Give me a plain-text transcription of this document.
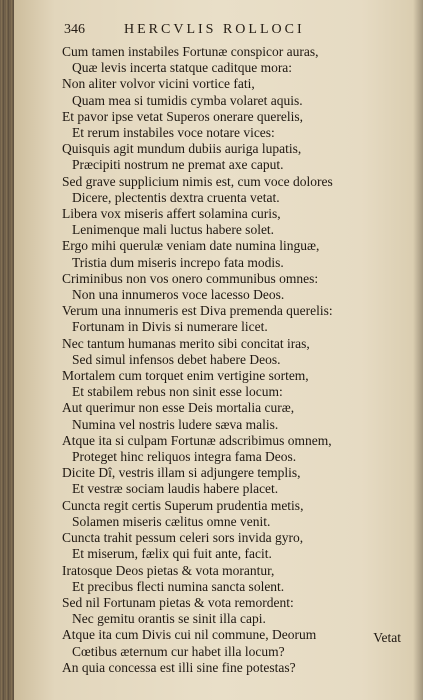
346	HERCVLIS ROLLOCI
Cum tamen instabiles Fortunæ conspicor auras,
Quæ levis incerta statque caditque mora:
Non aliter volvor vicini vortice fati,
Quam mea si tumidis cymba volaret aquis.
Et pavor ipse vetat Superos onerare querelis,
Et rerum instabiles voce notare vices:
Quisquis agit mundum dubiis auriga lupatis,
Præcipiti nostrum ne premat axe caput.
Sed grave supplicium nimis est, cum voce dolores
Dicere, plectentis dextra cruenta vetat.
Libera vox miseris affert solamina curis,
Lenimenque mali luctus habere solet.
Ergo mihi querulæ veniam date numina linguæ,
Tristia dum miseris increpo fata modis.
Criminibus non vos onero communibus omnes:
Non una innumeros voce lacesso Deos.
Verum una innumeris est Diva premenda querelis:
Fortunam in Divis si numerare licet.
Nec tantum humanas merito sibi concitat iras,
Sed simul infensos debet habere Deos.
Mortalem cum torquet enim vertigine sortem,
Et stabilem rebus non sinit esse locum:
Aut querimur non esse Deis mortalia curæ,
Numina vel nostris ludere sæva malis.
Atque ita si culpam Fortunæ adscribimus omnem,
Proteget hinc reliquos integra fama Deos.
Dicite Dî, vestris illam si adjungere templis,
Et vestræ sociam laudis habere placet.
Cuncta regit certis Superum prudentia metis,
Solamen miseris cælitus omne venit.
Cuncta trahit pessum celeri sors invida gyro,
Et miserum, fælix qui fuit ante, facit.
Iratosque Deos pietas & vota morantur,
Et precibus flecti numina sancta solent.
Sed nil Fortunam pietas & vota remordent:
Nec gemitu orantis se sinit illa capi.
Atque ita cum Divis cui nil commune, Deorum
Cœtibus æternum cur habet illa locum?
An quia concessa est illi sine fine potestas?
Vetat
